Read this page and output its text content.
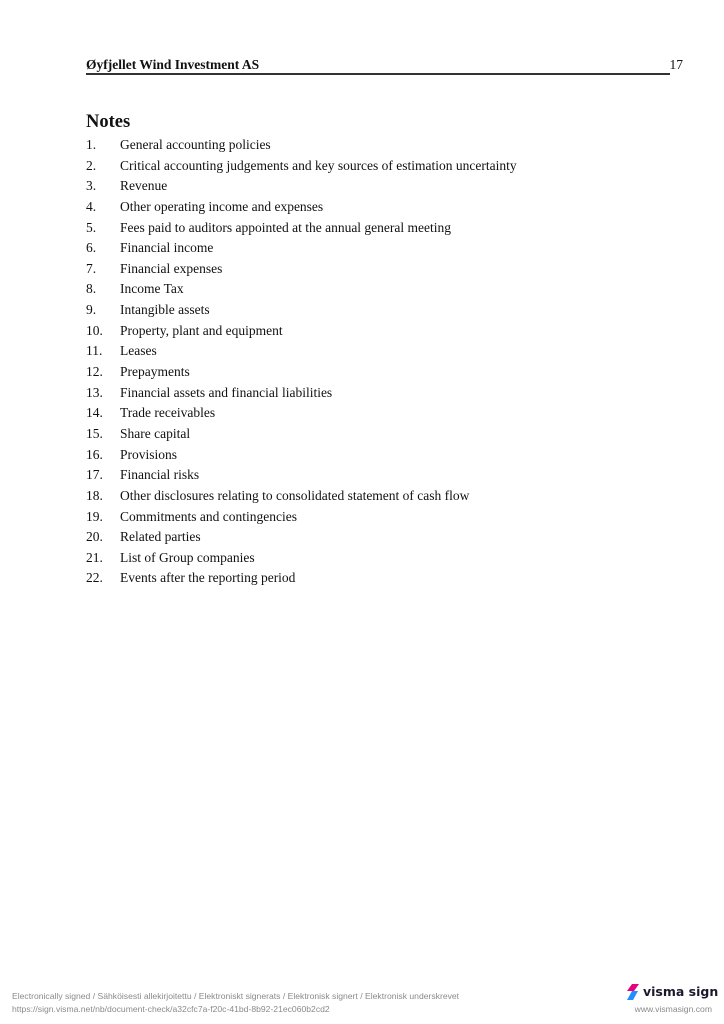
Øyfjellet Wind Investment AS	17
Notes
1. General accounting policies
2. Critical accounting judgements and key sources of estimation uncertainty
3. Revenue
4. Other operating income and expenses
5. Fees paid to auditors appointed at the annual general meeting
6. Financial income
7. Financial expenses
8. Income Tax
9. Intangible assets
10. Property, plant and equipment
11. Leases
12. Prepayments
13. Financial assets and financial liabilities
14. Trade receivables
15. Share capital
16. Provisions
17. Financial risks
18. Other disclosures relating to consolidated statement of cash flow
19. Commitments and contingencies
20. Related parties
21. List of Group companies
22. Events after the reporting period
Electronically signed / Sähköisesti allekirjoitettu / Elektroniskt signerats / Elektronisk signert / Elektronisk underskrevet
https://sign.visma.net/nb/document-check/a32cfc7a-f20c-41bd-8b92-21ec060b2cd2
visma sign
www.vismasign.com
